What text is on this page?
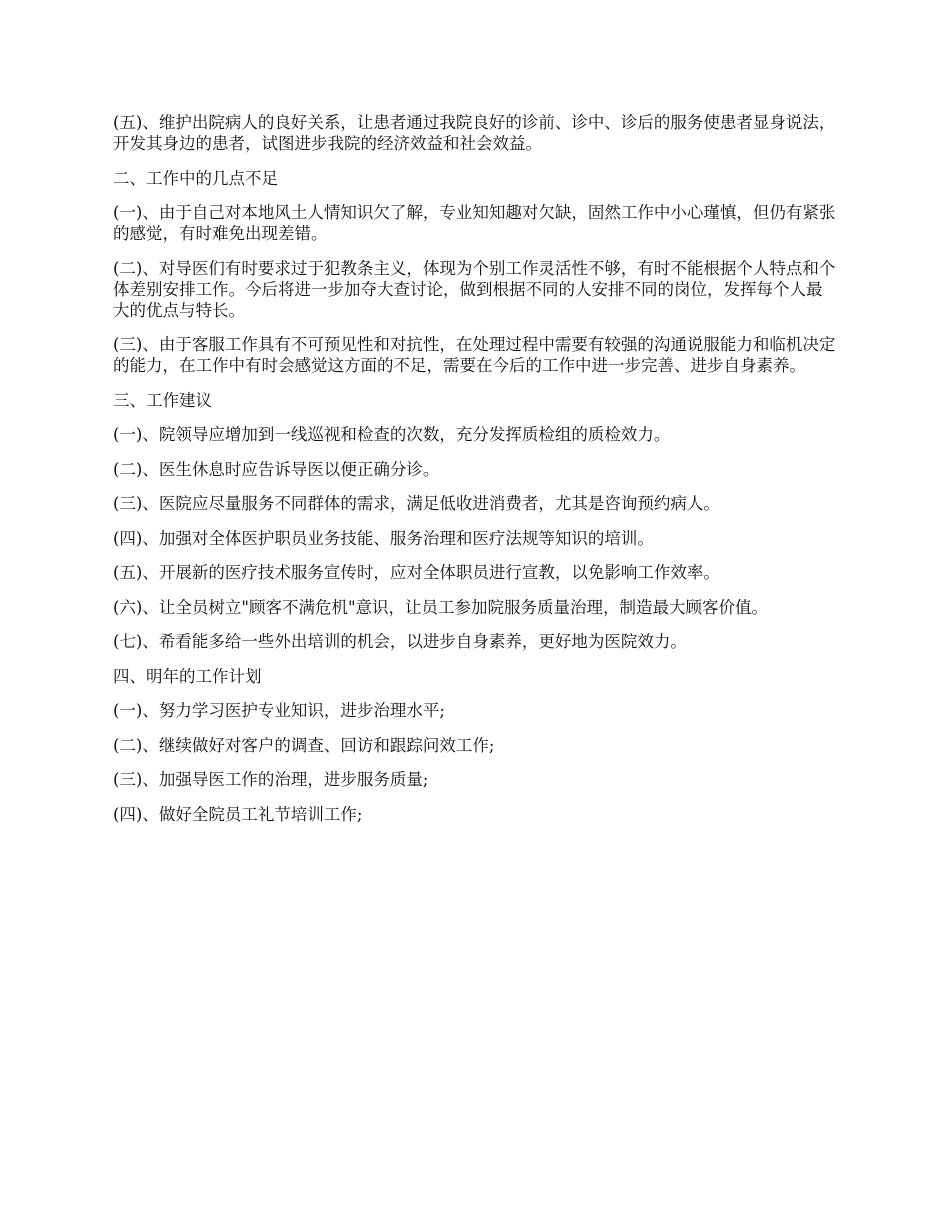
(五)、维护出院病人的良好关系，让患者通过我院良好的诊前、诊中、诊后的服务使患者显身说法，开发其身边的患者，试图进步我院的经济效益和社会效益。

二、工作中的几点不足

(一)、由于自己对本地风土人情知识欠了解，专业知知趣对欠缺，固然工作中小心瑾慎，但仍有紧张的感觉，有时难免出现差错。

(二)、对导医们有时要求过于犯教条主义，体现为个别工作灵活性不够，有时不能根据个人特点和个体差别安排工作。今后将进一步加夺大查讨论，做到根据不同的人安排不同的岗位，发挥每个人最大的优点与特长。

(三)、由于客服工作具有不可预见性和对抗性，在处理过程中需要有较强的沟通说服能力和临机决定的能力，在工作中有时会感觉这方面的不足，需要在今后的工作中进一步完善、进步自身素养。

三、工作建议

(一)、院领导应增加到一线巡视和检查的次数，充分发挥质检组的质检效力。

(二)、医生休息时应告诉导医以便正确分诊。

(三)、医院应尽量服务不同群体的需求，满足低收进消费者，尤其是咨询预约病人。

(四)、加强对全体医护职员业务技能、服务治理和医疗法规等知识的培训。

(五)、开展新的医疗技术服务宣传时，应对全体职员进行宣教，以免影响工作效率。

(六)、让全员树立"顾客不满危机"意识，让员工参加院服务质量治理，制造最大顾客价值。

(七)、希看能多给一些外出培训的机会，以进步自身素养，更好地为医院效力。

四、明年的工作计划

(一)、努力学习医护专业知识，进步治理水平;

(二)、继续做好对客户的调查、回访和跟踪问效工作;

(三)、加强导医工作的治理，进步服务质量;

(四)、做好全院员工礼节培训工作;
